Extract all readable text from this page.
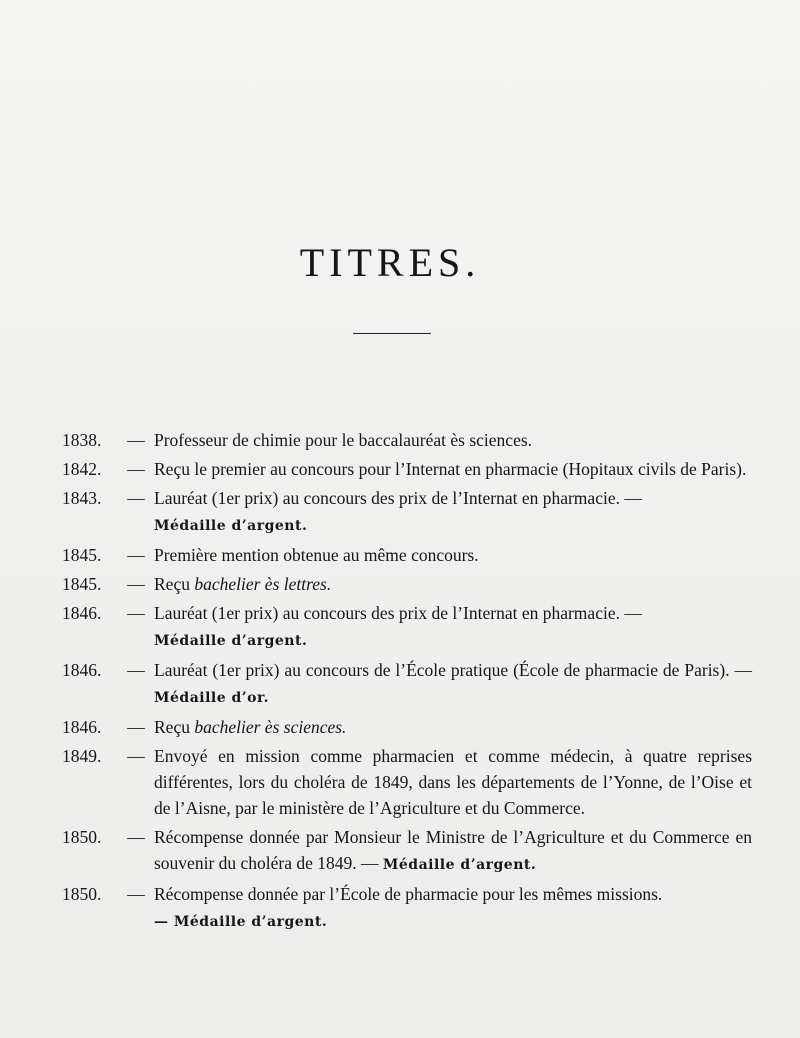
TITRES.
1838.	— Professeur de chimie pour le baccalauréat ès sciences.
1842.	— Reçu le premier au concours pour l’Internat en pharmacie (Hopitaux civils de Paris).
1843.	— Lauréat (1er prix) au concours des prix de l’Internat en pharmacie. —
Médaille d’argent.
1845.	— Première mention obtenue au même concours.
1845.	— Reçu bachelier ès lettres.
1846.	— Lauréat (1er prix) au concours des prix de l’Internat en pharmacie. —
Médaille d’argent.
1846.	— Lauréat (1er prix) au concours de l’École pratique (École de pharmacie de Paris). — Médaille d’or.
1846.	— Reçu bachelier ès sciences.
1849.	— Envoyé en mission comme pharmacien et comme médecin, à quatre reprises différentes, lors du choléra de 1849, dans les départements de l’Yonne, de l’Oise et de l’Aisne, par le ministère de l’Agriculture et du Commerce.
1850.	— Récompense donnée par Monsieur le Ministre de l’Agriculture et du Commerce en souvenir du choléra de 1849. — Médaille d’argent.
1850.	— Récompense donnée par l’École de pharmacie pour les mêmes missions.
— Médaille d’argent.
